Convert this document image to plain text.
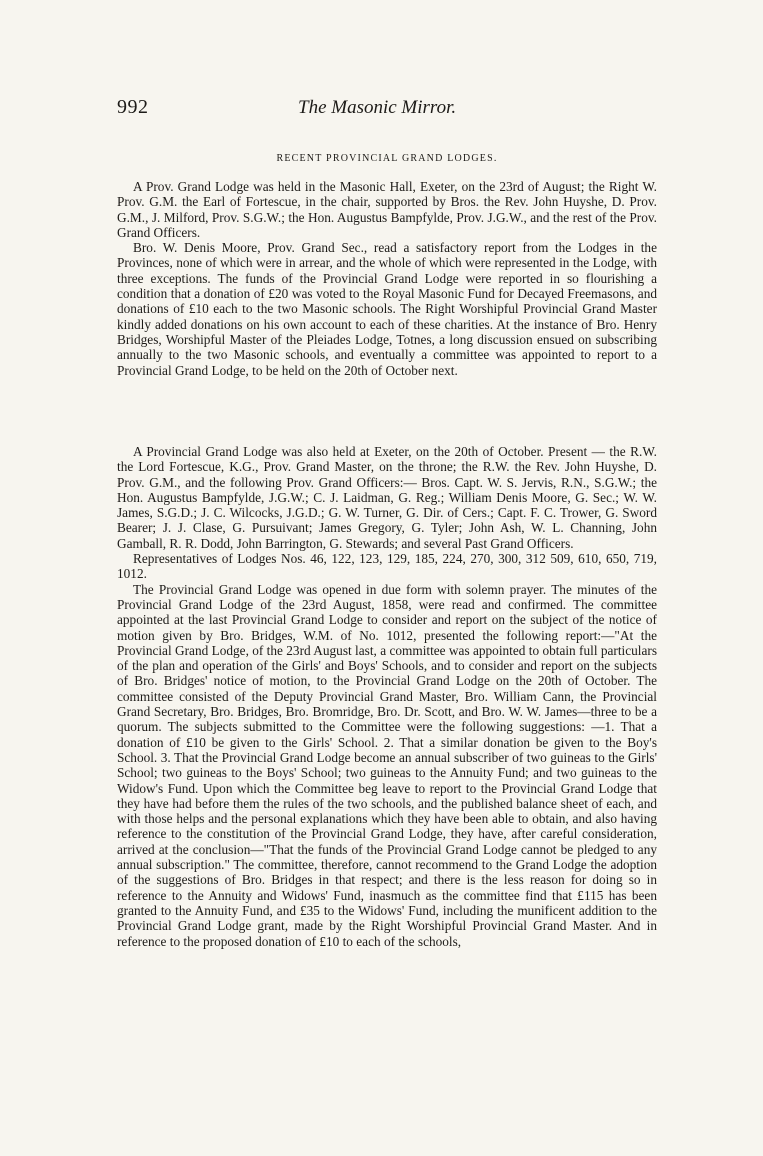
992	The Masonic Mirror.
RECENT PROVINCIAL GRAND LODGES.

A Prov. Grand Lodge was held in the Masonic Hall, Exeter, on the 23rd of August; the Right W. Prov. G.M. the Earl of Fortescue, in the chair, supported by Bros. the Rev. John Huyshe, D. Prov. G.M., J. Milford, Prov. S.G.W.; the Hon. Augustus Bampfylde, Prov. J.G.W., and the rest of the Prov. Grand Officers.

Bro. W. Denis Moore, Prov. Grand Sec., read a satisfactory report from the Lodges in the Provinces, none of which were in arrear, and the whole of which were represented in the Lodge, with three exceptions. The funds of the Provincial Grand Lodge were reported in so flourishing a condition that a donation of £20 was voted to the Royal Masonic Fund for Decayed Freemasons, and donations of £10 each to the two Masonic schools. The Right Worshipful Provincial Grand Master kindly added donations on his own account to each of these charities. At the instance of Bro. Henry Bridges, Worshipful Master of the Pleiades Lodge, Totnes, a long discussion ensued on subscribing annually to the two Masonic schools, and eventually a committee was appointed to report to a Provincial Grand Lodge, to be held on the 20th of October next.

A Provincial Grand Lodge was also held at Exeter, on the 20th of October. Present — the R.W. the Lord Fortescue, K.G., Prov. Grand Master, on the throne; the R.W. the Rev. John Huyshe, D. Prov. G.M., and the following Prov. Grand Officers:— Bros. Capt. W. S. Jervis, R.N., S.G.W.; the Hon. Augustus Bampfylde, J.G.W.; C. J. Laidman, G. Reg.; William Denis Moore, G. Sec.; W. W. James, S.G.D.; J. C. Wilcocks, J.G.D.; G. W. Turner, G. Dir. of Cers.; Capt. F. C. Trower, G. Sword Bearer; J. J. Clase, G. Pursuivant; James Gregory, G. Tyler; John Ash, W. L. Channing, John Gamball, R. R. Dodd, John Barrington, G. Stewards; and several Past Grand Officers.

Representatives of Lodges Nos. 46, 122, 123, 129, 185, 224, 270, 300, 312 509, 610, 650, 719, 1012.

The Provincial Grand Lodge was opened in due form with solemn prayer. The minutes of the Provincial Grand Lodge of the 23rd August, 1858, were read and confirmed. The committee appointed at the last Provincial Grand Lodge to consider and report on the subject of the notice of motion given by Bro. Bridges, W.M. of No. 1012, presented the following report:—"At the Provincial Grand Lodge, of the 23rd August last, a committee was appointed to obtain full particulars of the plan and operation of the Girls' and Boys' Schools, and to consider and report on the subjects of Bro. Bridges' notice of motion, to the Provincial Grand Lodge on the 20th of October. The committee consisted of the Deputy Provincial Grand Master, Bro. William Cann, the Provincial Grand Secretary, Bro. Bridges, Bro. Bromridge, Bro. Dr. Scott, and Bro. W. W. James—three to be a quorum. The subjects submitted to the Committee were the following suggestions: —1. That a donation of £10 be given to the Girls' School. 2. That a similar donation be given to the Boy's School. 3. That the Provincial Grand Lodge become an annual subscriber of two guineas to the Girls' School; two guineas to the Boys' School; two guineas to the Annuity Fund; and two guineas to the Widow's Fund. Upon which the Committee beg leave to report to the Provincial Grand Lodge that they have had before them the rules of the two schools, and the published balance sheet of each, and with those helps and the personal explanations which they have been able to obtain, and also having reference to the constitution of the Provincial Grand Lodge, they have, after careful consideration, arrived at the conclusion—"That the funds of the Provincial Grand Lodge cannot be pledged to any annual subscription." The committee, therefore, cannot recommend to the Grand Lodge the adoption of the suggestions of Bro. Bridges in that respect; and there is the less reason for doing so in reference to the Annuity and Widows' Fund, inasmuch as the committee find that £115 has been granted to the Annuity Fund, and £35 to the Widows' Fund, including the munificent addition to the Provincial Grand Lodge grant, made by the Right Worshipful Provincial Grand Master. And in reference to the proposed donation of £10 to each of the schools,
